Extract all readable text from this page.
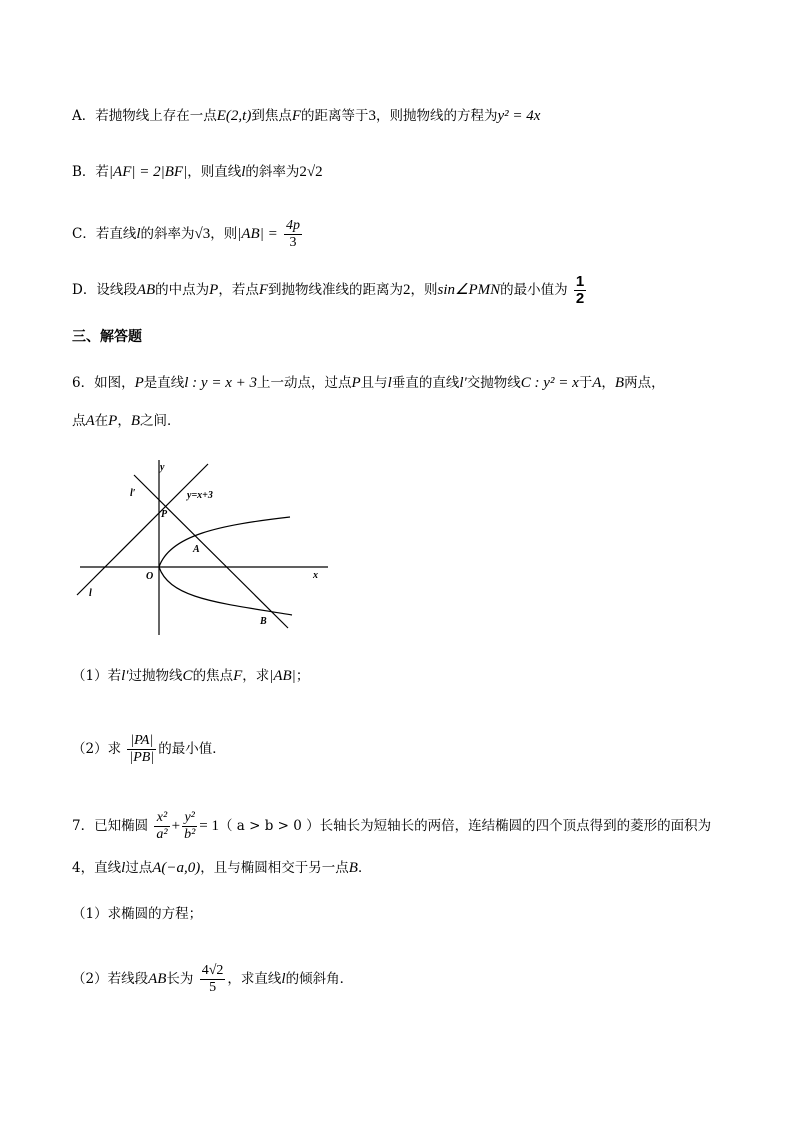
A．若抛物线上存在一点E(2,t)到焦点F的距离等于3，则抛物线的方程为y² = 4x
B．若|AF| = 2|BF|，则直线l的斜率为2√2
C．若直线l的斜率为√3，则$|AB| = \frac{4p}{3}$
D．设线段AB的中点为P，若点F到抛物线准线的距离为2，则sin∠PMN的最小值为 $\frac{1}{2}$
三、解答题
6．如图，P是直线l : y = x + 3上一动点，过点P且与l垂直的直线l′交抛物线C : y² = x于A，B两点，
点A在P，B之间．
y
x
O
l′
l
P
A
B
y=x+3
（1）若l′过抛物线C的焦点F，求|AB|；
（2）求 $\frac{|PA|}{|PB|}$ 的最小值．
7．已知椭圆 $\frac{\text{x²}}{\text{a²}} + \frac{\text{y²}}{\text{b²}} = 1$（ a > b > 0 ）长轴长为短轴长的两倍，连结椭圆的四个顶点得到的菱形的面积为
4，直线l过点A(−a,0)，且与椭圆相交于另一点B．
（1）求椭圆的方程；
（2）若线段AB长为 $\frac{4√2}{5}$ ，求直线l的倾斜角．
